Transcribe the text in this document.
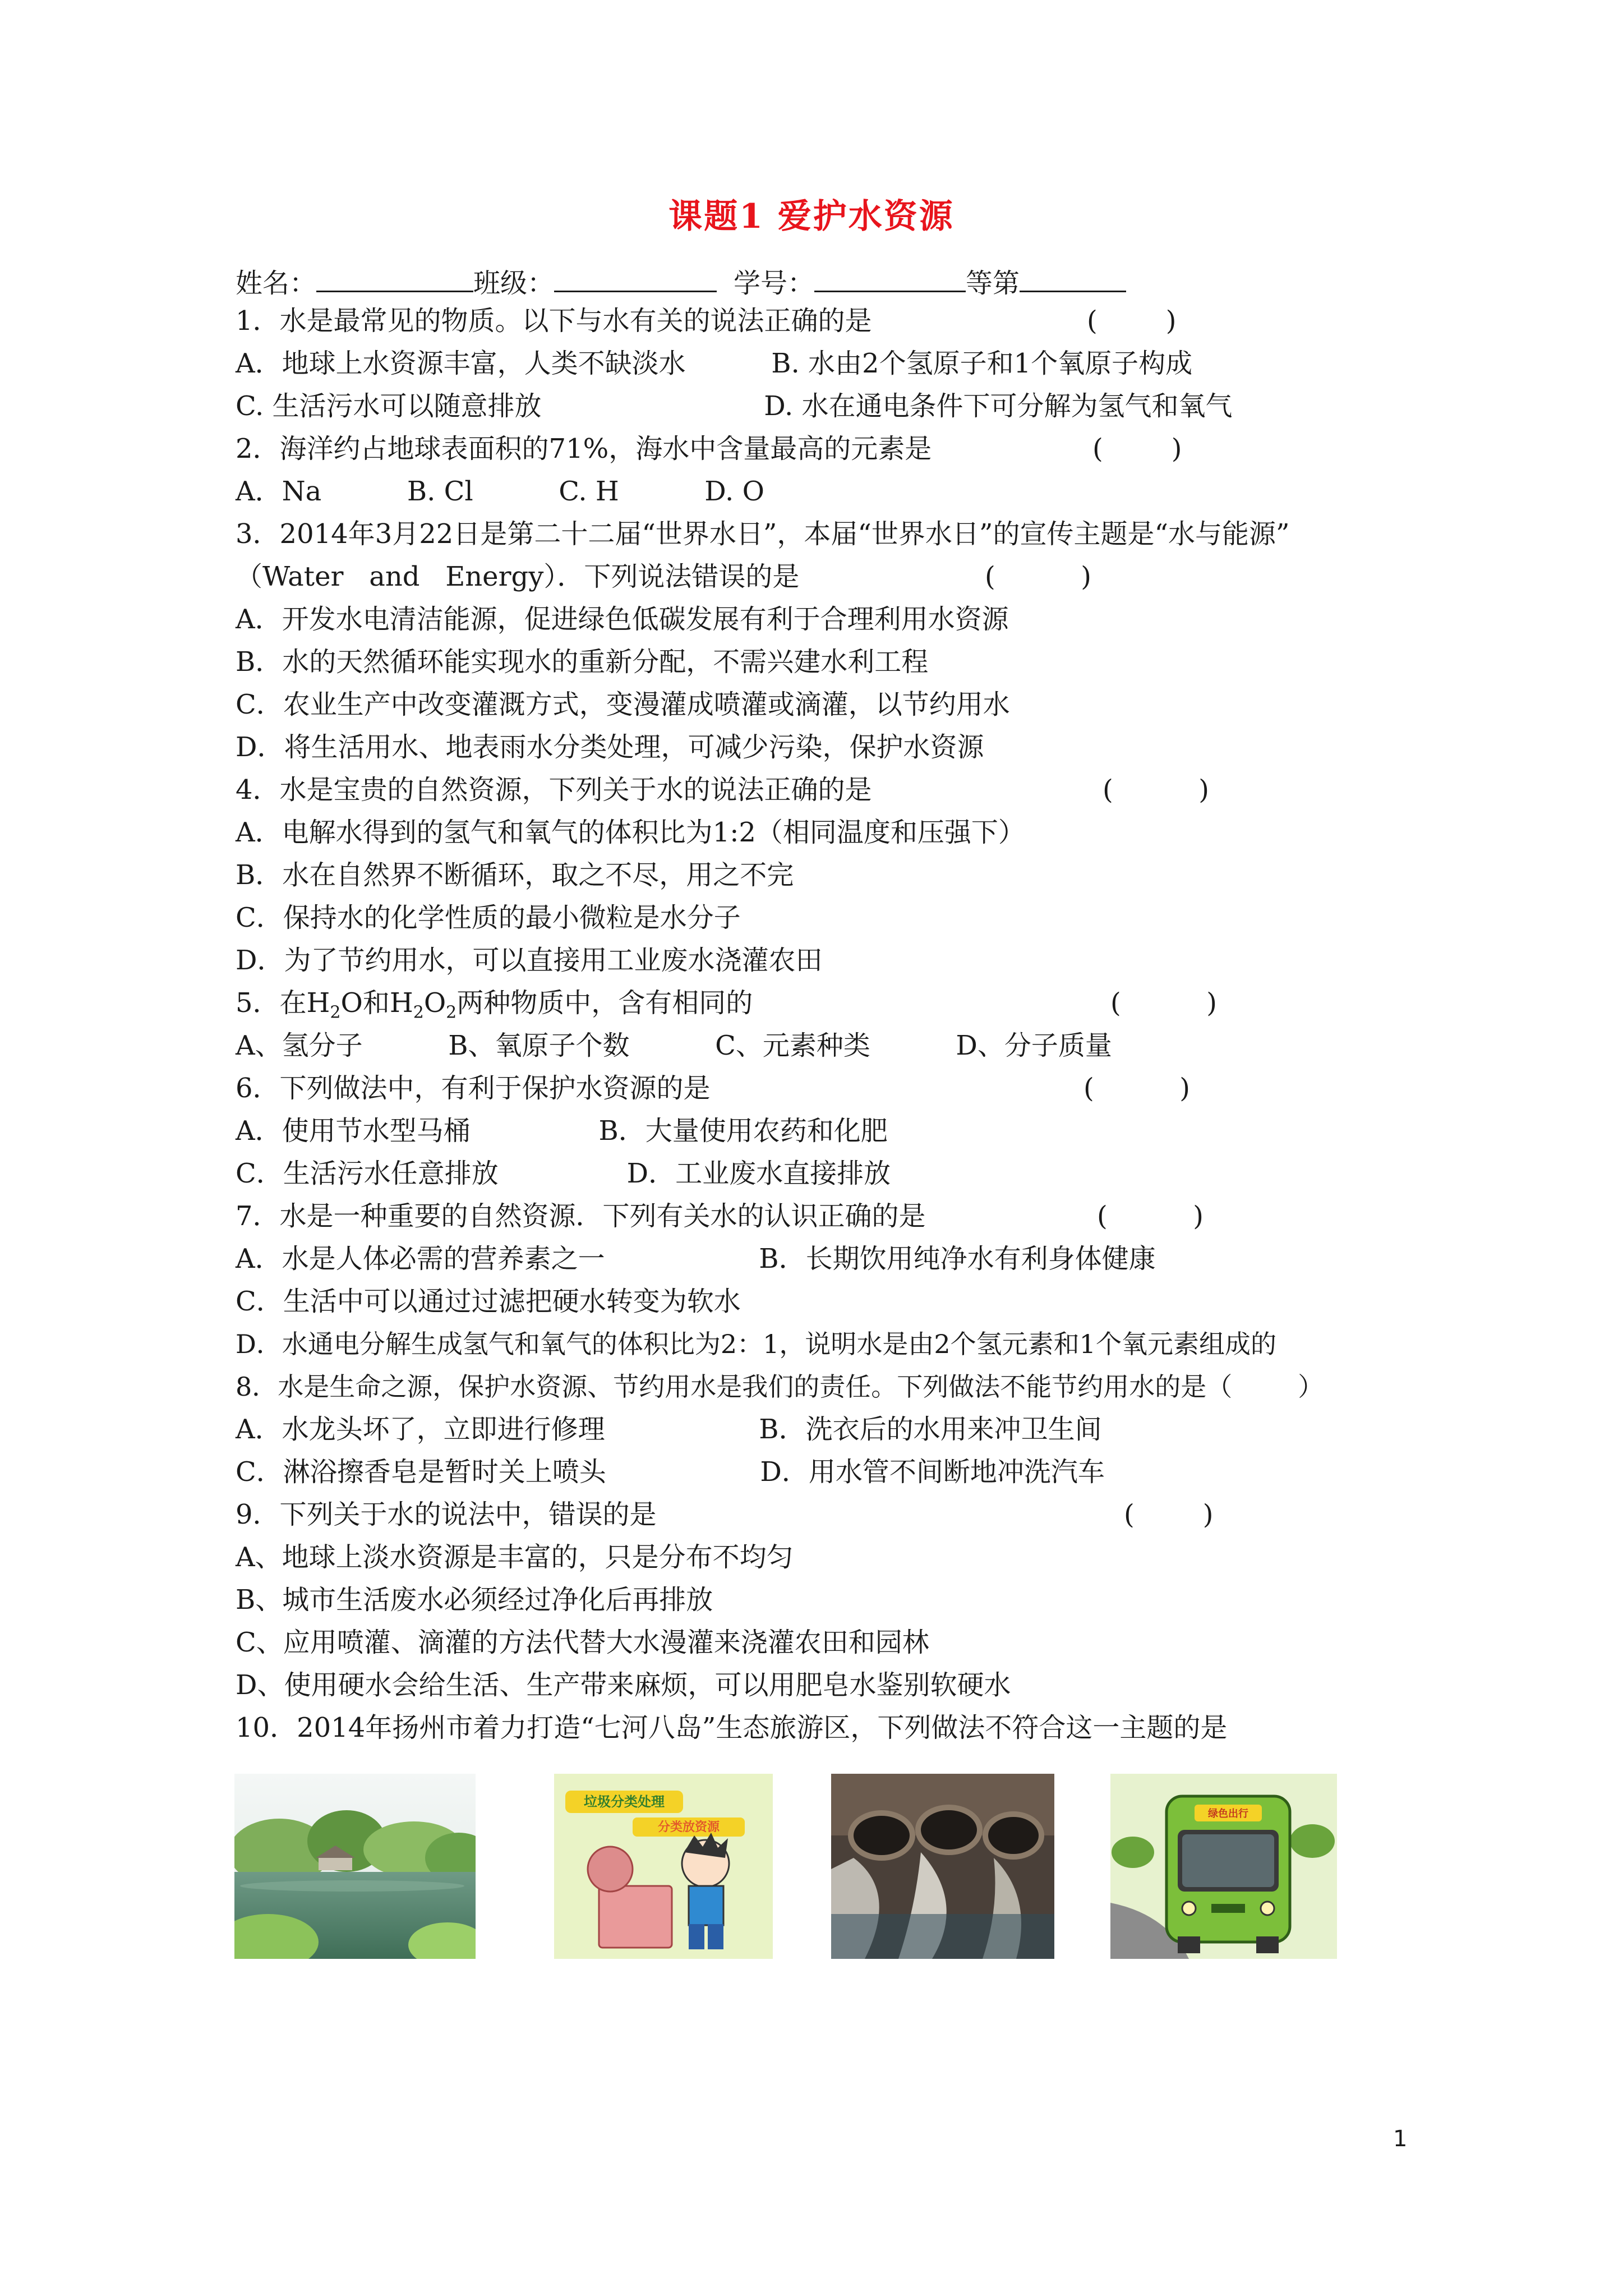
课题1 爱护水资源
姓名：	班级：	学号：	等第
1．水是最常见的物质。以下与水有关的说法正确的是	(        )
A．地球上水资源丰富，人类不缺淡水          B. 水由2个氢原子和1个氧原子构成
C. 生活污水可以随意排放                          D. 水在通电条件下可分解为氢气和氧气
2．海洋约占地球表面积的71%，海水中含量最高的元素是	(        )
A．Na          B. Cl          C. H          D. O
3．2014年3月22日是第二十二届“世界水日”，本届“世界水日”的宣传主题是“水与能源”
（Water   and   Energy）．下列说法错误的是	(          )
A．开发水电清洁能源，促进绿色低碳发展有利于合理利用水资源
B．水的天然循环能实现水的重新分配，不需兴建水利工程
C．农业生产中改变灌溉方式，变漫灌成喷灌或滴灌，以节约用水
D．将生活用水、地表雨水分类处理，可减少污染，保护水资源
4．水是宝贵的自然资源，下列关于水的说法正确的是	(          )
A．电解水得到的氢气和氧气的体积比为1:2（相同温度和压强下）
B．水在自然界不断循环，取之不尽，用之不完
C．保持水的化学性质的最小微粒是水分子
D．为了节约用水，可以直接用工业废水浇灌农田
5．在$H_2O$和$H_2O_2$两种物质中，含有相同的	(          )
A、氢分子          B、氧原子个数          C、元素种类          D、分子质量
6．下列做法中，有利于保护水资源的是	(          )
A．使用节水型马桶               B．大量使用农药和化肥
C．生活污水任意排放               D．工业废水直接排放
7．水是一种重要的自然资源．下列有关水的认识正确的是	(          )
A．水是人体必需的营养素之一                  B．长期饮用纯净水有利身体健康
C．生活中可以通过过滤把硬水转变为软水
D．水通电分解生成氢气和氧气的体积比为2：1，说明水是由2个氢元素和1个氧元素组成的
8．水是生命之源，保护水资源、节约用水是我们的责任。下列做法不能节约用水的是（        ）
A．水龙头坏了，立即进行修理                  B．洗衣后的水用来冲卫生间
C．淋浴擦香皂是暂时关上喷头                  D．用水管不间断地冲洗汽车
9．下列关于水的说法中，错误的是	(        )
A、地球上淡水资源是丰富的，只是分布不均匀
B、城市生活废水必须经过净化后再排放
C、应用喷灌、滴灌的方法代替大水漫灌来浇灌农田和园林
D、使用硬水会给生活、生产带来麻烦，可以用肥皂水鉴别软硬水
10．2014年扬州市着力打造“七河八岛”生态旅游区，下列做法不符合这一主题的是
垃圾分类处理
分类放资源
绿色出行
1
